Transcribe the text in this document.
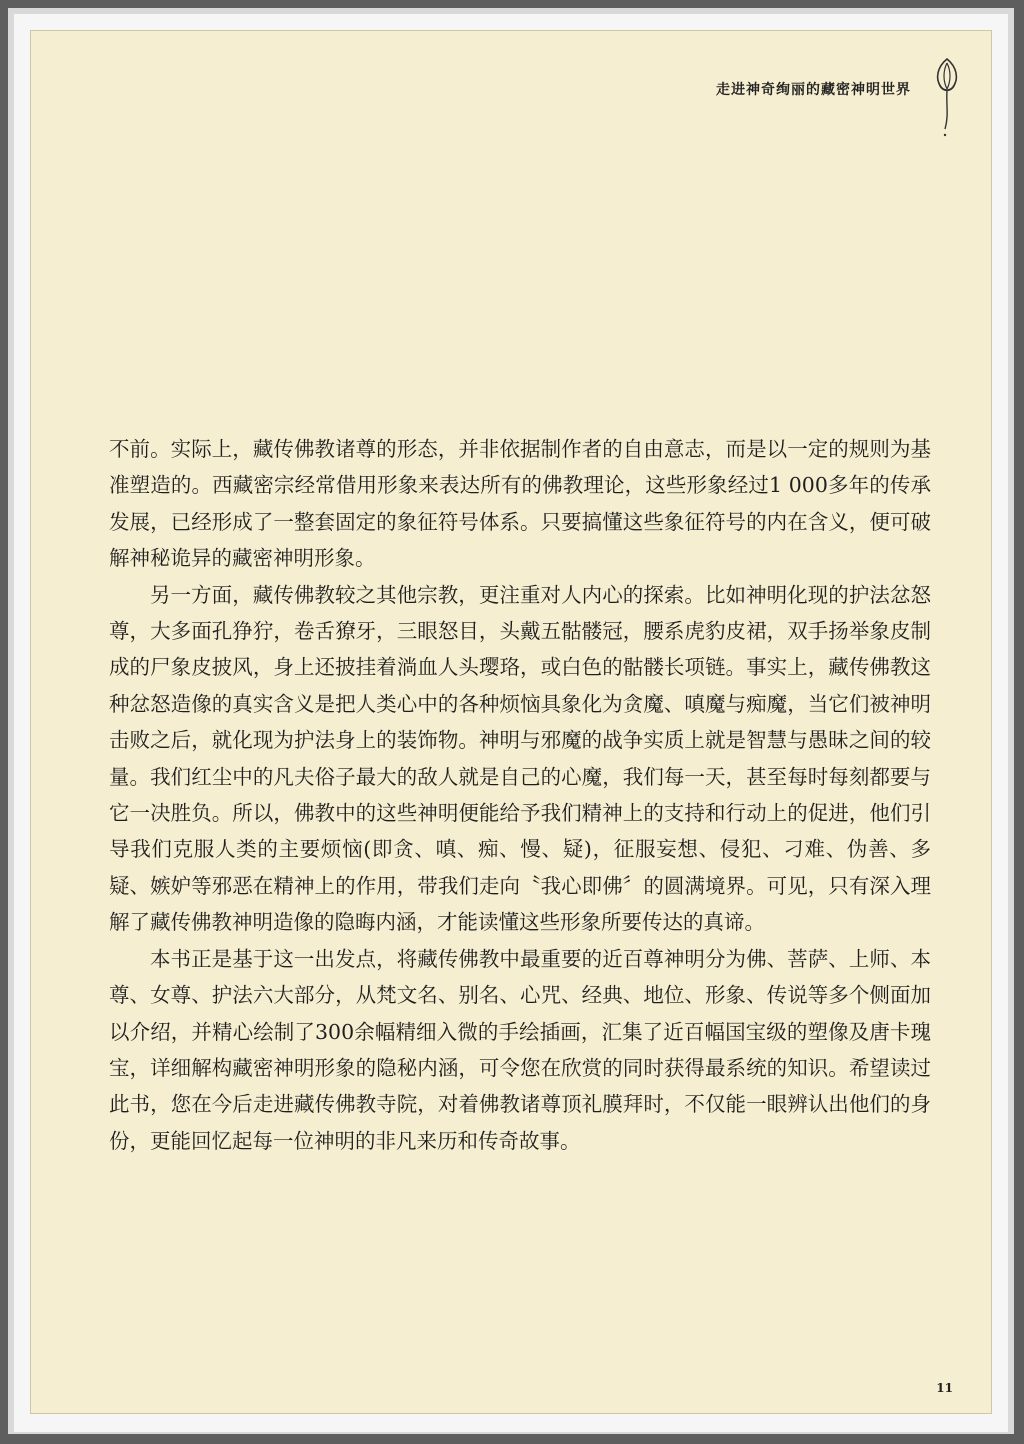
走进神奇绚丽的藏密神明世界

不前。实际上，藏传佛教诸尊的形态，并非依据制作者的自由意志，而是以一定的规则为基准塑造的。西藏密宗经常借用形象来表达所有的佛教理论，这些形象经过1 000多年的传承发展，已经形成了一整套固定的象征符号体系。只要搞懂这些象征符号的内在含义，便可破解神秘诡异的藏密神明形象。

另一方面，藏传佛教较之其他宗教，更注重对人内心的探索。比如神明化现的护法忿怒尊，大多面孔狰狞，卷舌獠牙，三眼怒目，头戴五骷髅冠，腰系虎豹皮裙，双手扬举象皮制成的尸象皮披风，身上还披挂着淌血人头璎珞，或白色的骷髅长项链。事实上，藏传佛教这种忿怒造像的真实含义是把人类心中的各种烦恼具象化为贪魔、嗔魔与痴魔，当它们被神明击败之后，就化现为护法身上的装饰物。神明与邪魔的战争实质上就是智慧与愚昧之间的较量。我们红尘中的凡夫俗子最大的敌人就是自己的心魔，我们每一天，甚至每时每刻都要与它一决胜负。所以，佛教中的这些神明便能给予我们精神上的支持和行动上的促进，他们引导我们克服人类的主要烦恼(即贪、嗔、痴、慢、疑)，征服妄想、侵犯、刁难、伪善、多疑、嫉妒等邪恶在精神上的作用，带我们走向〝我心即佛〞的圆满境界。可见，只有深入理解了藏传佛教神明造像的隐晦内涵，才能读懂这些形象所要传达的真谛。

本书正是基于这一出发点，将藏传佛教中最重要的近百尊神明分为佛、菩萨、上师、本尊、女尊、护法六大部分，从梵文名、别名、心咒、经典、地位、形象、传说等多个侧面加以介绍，并精心绘制了300余幅精细入微的手绘插画，汇集了近百幅国宝级的塑像及唐卡瑰宝，详细解构藏密神明形象的隐秘内涵，可令您在欣赏的同时获得最系统的知识。希望读过此书，您在今后走进藏传佛教寺院，对着佛教诸尊顶礼膜拜时，不仅能一眼辨认出他们的身份，更能回忆起每一位神明的非凡来历和传奇故事。

11
